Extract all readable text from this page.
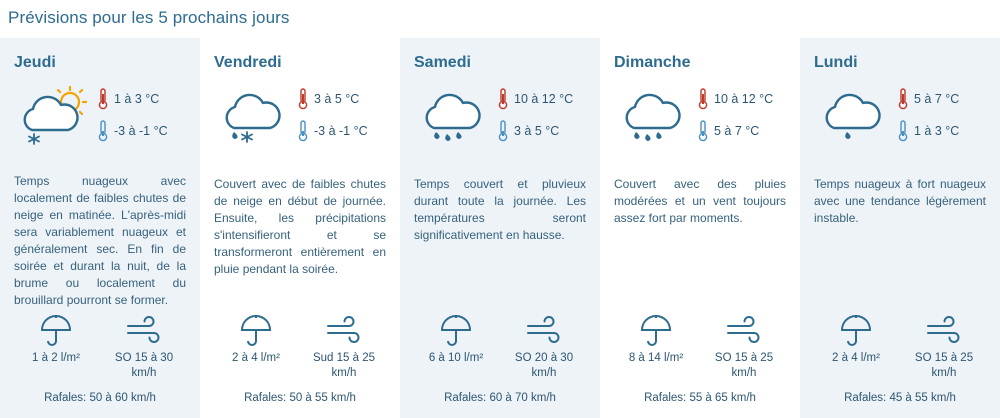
Prévisions pour les 5 prochains jours
Jeudi
1 à 3 °C
-3 à -1 °C
Temps nuageux avec localement de faibles chutes de neige en matinée. L'après-midi sera variablement nuageux et généralement sec. En fin de soirée et durant la nuit, de la brume ou localement du brouillard pourront se former.
1 à 2 l/m²	SO 15 à 30 km/h
Rafales: 50 à 60 km/h
Vendredi
3 à 5 °C
-3 à -1 °C
Couvert avec de faibles chutes de neige en début de journée. Ensuite, les précipitations s'intensifieront et se transformeront entièrement en pluie pendant la soirée.
2 à 4 l/m²	Sud 15 à 25 km/h
Rafales: 50 à 55 km/h
Samedi
10 à 12 °C
3 à 5 °C
Temps couvert et pluvieux durant toute la journée. Les températures seront significativement en hausse.
6 à 10 l/m²	SO 20 à 30 km/h
Rafales: 60 à 70 km/h
Dimanche
10 à 12 °C
5 à 7 °C
Couvert avec des pluies modérées et un vent toujours assez fort par moments.
8 à 14 l/m²	SO 15 à 25 km/h
Rafales: 55 à 65 km/h
Lundi
5 à 7 °C
1 à 3 °C
Temps nuageux à fort nuageux avec une tendance légèrement instable.
2 à 4 l/m²	SO 15 à 25 km/h
Rafales: 45 à 55 km/h
